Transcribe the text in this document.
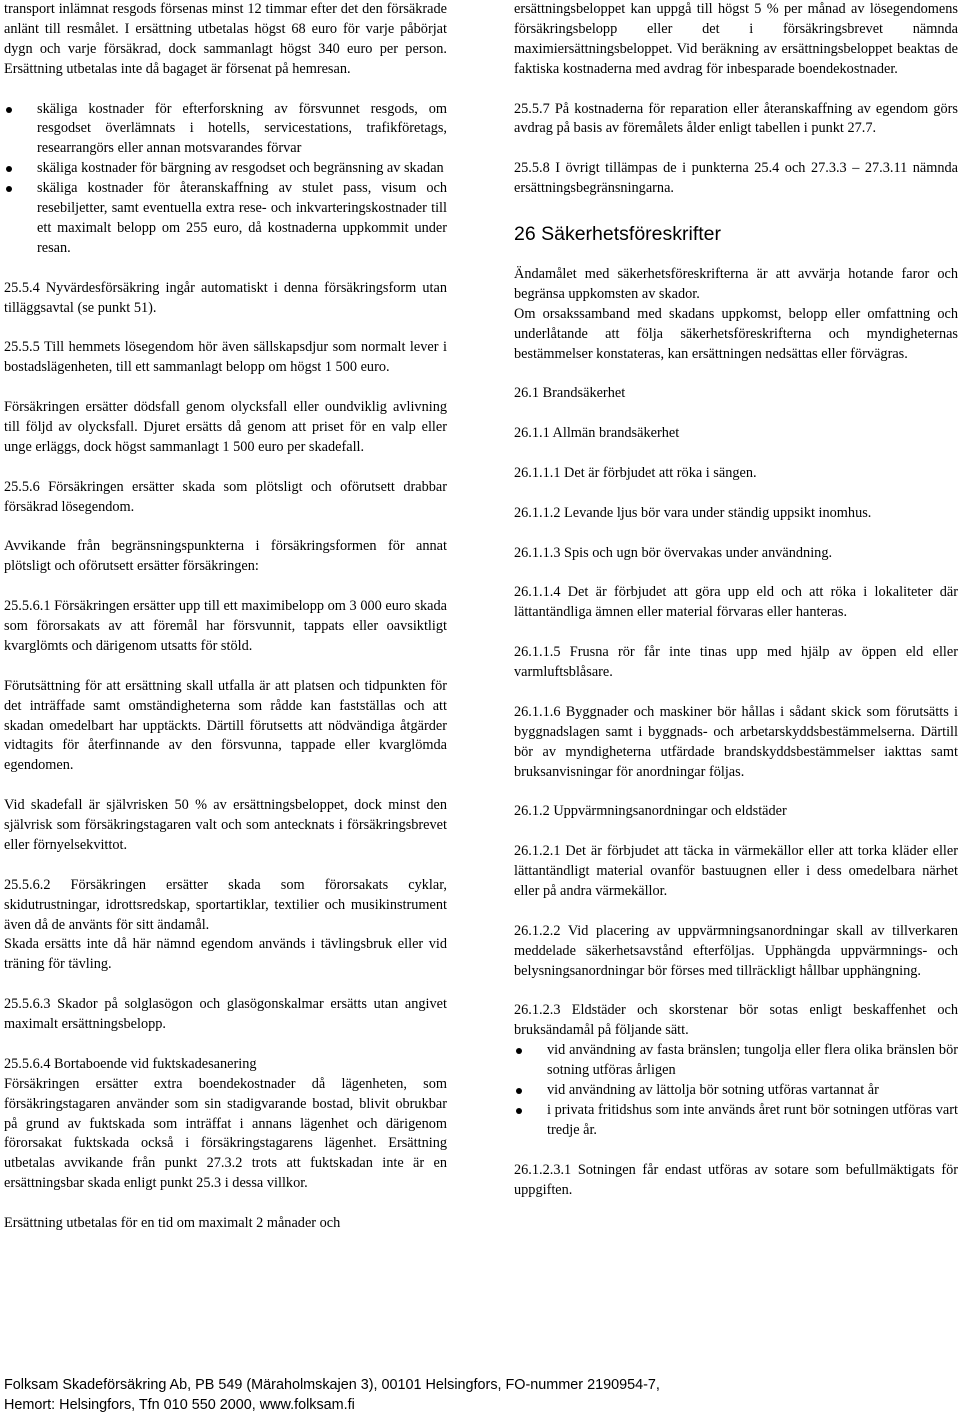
transport inlämnat resgods försenas minst 12 timmar efter det den försäkrade anlänt till resmålet. I ersättning utbetalas högst 68 euro för varje påbörjat dygn och varje försäkrad, dock sammanlagt högst 340 euro per person. Ersättning utbetalas inte då bagaget är försenat på hemresan.

skäliga kostnader för efterforskning av försvunnet resgods, om resgodset överlämnats i hotells, servicestations, trafikföretags, researrangörs eller annan motsvarandes förvar
skäliga kostnader för bärgning av resgodset och begränsning av skadan
skäliga kostnader för återanskaffning av stulet pass, visum och resebiljetter, samt eventuella extra rese- och inkvarteringskostnader till ett maximalt belopp om 255 euro, då kostnaderna uppkommit under resan.

25.5.4 Nyvärdesförsäkring ingår automatiskt i denna försäkringsform utan tilläggsavtal (se punkt 51).

25.5.5 Till hemmets lösegendom hör även sällskapsdjur som normalt lever i bostadslägenheten, till ett sammanlagt belopp om högst 1 500 euro.

Försäkringen ersätter dödsfall genom olycksfall eller oundviklig avlivning till följd av olycksfall. Djuret ersätts då genom att priset för en valp eller unge erläggs, dock högst sammanlagt 1 500 euro per skadefall.

25.5.6 Försäkringen ersätter skada som plötsligt och oförutsett drabbar försäkrad lösegendom.

Avvikande från begränsningspunkterna i försäkringsformen för annat plötsligt och oförutsett ersätter försäkringen:

25.5.6.1 Försäkringen ersätter upp till ett maximibelopp om 3 000 euro skada som förorsakats av att föremål har försvunnit, tappats eller oavsiktligt kvarglömts och därigenom utsatts för stöld.

Förutsättning för att ersättning skall utfalla är att platsen och tidpunkten för det inträffade samt omständigheterna som rådde kan fastställas och att skadan omedelbart har upptäckts. Därtill förutsetts att nödvändiga åtgärder vidtagits för återfinnande av den försvunna, tappade eller kvarglömda egendomen.

Vid skadefall är självrisken 50 % av ersättningsbeloppet, dock minst den självrisk som försäkringstagaren valt och som antecknats i försäkringsbrevet eller förnyelsekvittot.

25.5.6.2 Försäkringen ersätter skada som förorsakats cyklar, skidutrustningar, idrottsredskap, sportartiklar, textilier och musikinstrument även då de använts för sitt ändamål.

Skada ersätts inte då här nämnd egendom används i tävlingsbruk eller vid träning för tävling.

25.5.6.3 Skador på solglasögon och glasögonskalmar ersätts utan angivet maximalt ersättningsbelopp.

25.5.6.4 Bortaboende vid fuktskadesanering

Försäkringen ersätter extra boendekostnader då lägenheten, som försäkringstagaren använder som sin stadigvarande bostad, blivit obrukbar på grund av fuktskada som inträffat i annans lägenhet och därigenom förorsakat fuktskada också i försäkringstagarens lägenhet. Ersättning utbetalas avvikande från punkt 27.3.2 trots att fuktskadan inte är en ersättningsbar skada enligt punkt 25.3 i dessa villkor.

Ersättning utbetalas för en tid om maximalt 2 månader och

ersättningsbeloppet kan uppgå till högst 5 % per månad av lösegendomens försäkringsbelopp eller det i försäkringsbrevet nämnda maximiersättningsbeloppet. Vid beräkning av ersättningsbeloppet beaktas de faktiska kostnaderna med avdrag för inbesparade boendekostnader.

25.5.7 På kostnaderna för reparation eller återanskaffning av egendom görs avdrag på basis av föremålets ålder enligt tabellen i punkt 27.7.

25.5.8 I övrigt tillämpas de i punkterna 25.4 och 27.3.3 – 27.3.11 nämnda ersättningsbegränsningarna.

26 Säkerhetsföreskrifter

Ändamålet med säkerhetsföreskrifterna är att avvärja hotande faror och begränsa uppkomsten av skador.

Om orsakssamband med skadans uppkomst, belopp eller omfattning och underlåtande att följa säkerhetsföreskrifterna och myndigheternas bestämmelser konstateras, kan ersättningen nedsättas eller förvägras.

26.1 Brandsäkerhet

26.1.1 Allmän brandsäkerhet

26.1.1.1 Det är förbjudet att röka i sängen.

26.1.1.2 Levande ljus bör vara under ständig uppsikt inomhus.

26.1.1.3 Spis och ugn bör övervakas under användning.

26.1.1.4 Det är förbjudet att göra upp eld och att röka i lokaliteter där lättantändliga ämnen eller material förvaras eller hanteras.

26.1.1.5 Frusna rör får inte tinas upp med hjälp av öppen eld eller varmluftsblåsare.

26.1.1.6 Byggnader och maskiner bör hållas i sådant skick som förutsätts i byggnadslagen samt i byggnads- och arbetarskyddsbestämmelserna. Därtill bör av myndigheterna utfärdade brandskyddsbestämmelser iakttas samt bruksanvisningar för anordningar följas.

26.1.2 Uppvärmningsanordningar och eldstäder

26.1.2.1 Det är förbjudet att täcka in värmekällor eller att torka kläder eller lättantändligt material ovanför bastuugnen eller i dess omedelbara närhet eller på andra värmekällor.

26.1.2.2 Vid placering av uppvärmningsanordningar skall av tillverkaren meddelade säkerhetsavstånd efterföljas. Upphängda uppvärmnings- och belysningsanordningar bör förses med tillräckligt hållbar upphängning.

26.1.2.3 Eldstäder och skorstenar bör sotas enligt beskaffenhet och bruksändamål på följande sätt.

vid användning av fasta bränslen; tungolja eller flera olika bränslen bör sotning utföras årligen
vid användning av lättolja bör sotning utföras vartannat år
i privata fritidshus som inte används året runt bör sotningen utföras vart tredje år.

26.1.2.3.1 Sotningen får endast utföras av sotare som befullmäktigats för uppgiften.

Folksam Skadeförsäkring Ab, PB 549 (Märaholmskajen 3), 00101 Helsingfors, FO-nummer 2190954-7,
Hemort: Helsingfors, Tfn 010 550 2000, www.folksam.fi
